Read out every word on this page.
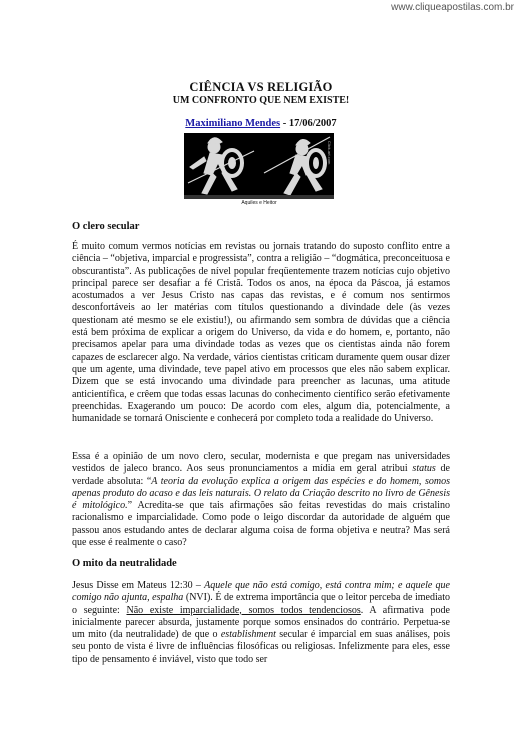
www.cliqueapostilas.com.br
CIÊNCIA VS RELIGIÃO
UM CONFRONTO QUE NEM EXISTE!
Maximiliano Mendes - 17/06/2007
Click-art.com
Aquiles e Heitor
O clero secular
É muito comum vermos notícias em revistas ou jornais tratando do suposto conflito entre a ciência – “objetiva, imparcial e progressista”, contra a religião – “dogmática, preconceituosa e obscurantista”. As publicações de nível popular freqüentemente trazem notícias cujo objetivo principal parece ser desafiar a fé Cristã. Todos os anos, na época da Páscoa, já estamos acostumados a ver Jesus Cristo nas capas das revistas, e é comum nos sentirmos desconfortáveis ao ler matérias com títulos questionando a divindade dele (às vezes questionam até mesmo se ele existiu!), ou afirmando sem sombra de dúvidas que a ciência está bem próxima de explicar a origem do Universo, da vida e do homem, e, portanto, não precisamos apelar para uma divindade todas as vezes que os cientistas ainda não forem capazes de esclarecer algo. Na verdade, vários cientistas criticam duramente quem ousar dizer que um agente, uma divindade, teve papel ativo em processos que eles não sabem explicar. Dizem que se está invocando uma divindade para preencher as lacunas, uma atitude anticientífica, e crêem que todas essas lacunas do conhecimento científico serão efetivamente preenchidas. Exagerando um pouco: De acordo com eles, algum dia, potencialmente, a humanidade se tornará Onisciente e conhecerá por completo toda a realidade do Universo.
Essa é a opinião de um novo clero, secular, modernista e que pregam nas universidades vestidos de jaleco branco. Aos seus pronunciamentos a mídia em geral atribui status de verdade absoluta: “A teoria da evolução explica a origem das espécies e do homem, somos apenas produto do acaso e das leis naturais. O relato da Criação descrito no livro de Gênesis é mitológico.” Acredita-se que tais afirmações são feitas revestidas do mais cristalino racionalismo e imparcialidade. Como pode o leigo discordar da autoridade de alguém que passou anos estudando antes de declarar alguma coisa de forma objetiva e neutra? Mas será que esse é realmente o caso?
O mito da neutralidade
Jesus Disse em Mateus 12:30 – Aquele que não está comigo, está contra mim; e aquele que comigo não ajunta, espalha (NVI). É de extrema importância que o leitor perceba de imediato o seguinte: Não existe imparcialidade, somos todos tendenciosos. A afirmativa pode inicialmente parecer absurda, justamente porque somos ensinados do contrário. Perpetua-se um mito (da neutralidade) de que o establishment secular é imparcial em suas análises, pois seu ponto de vista é livre de influências filosóficas ou religiosas. Infelizmente para eles, esse tipo de pensamento é inviável, visto que todo ser
